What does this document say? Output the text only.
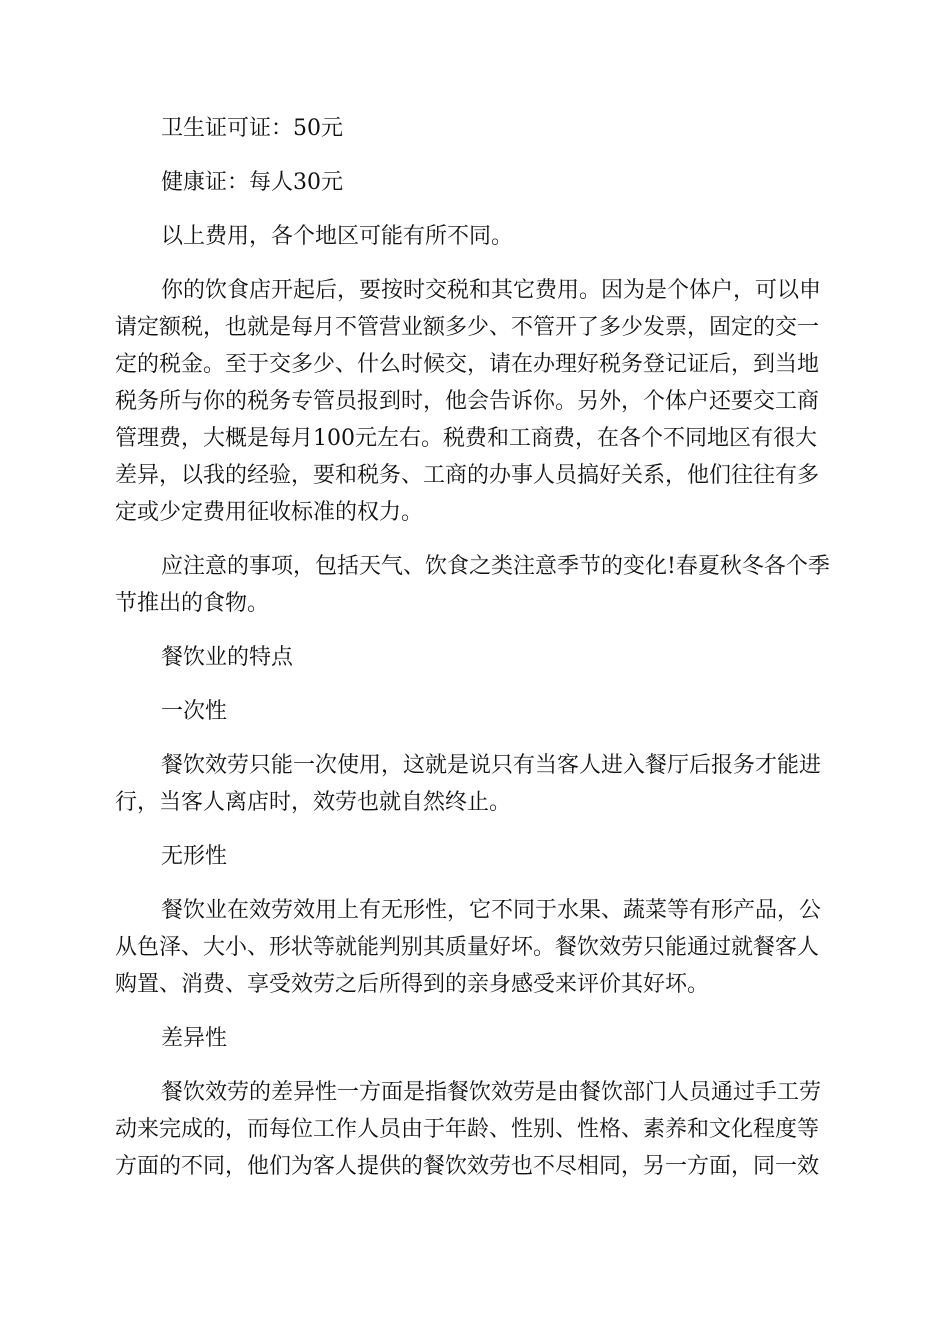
卫生证可证：50元

健康证：每人30元

以上费用，各个地区可能有所不同。

你的饮食店开起后，要按时交税和其它费用。因为是个体户，可以申请定额税，也就是每月不管营业额多少、不管开了多少发票，固定的交一定的税金。至于交多少、什么时候交，请在办理好税务登记证后，到当地税务所与你的税务专管员报到时，他会告诉你。另外，个体户还要交工商管理费，大概是每月100元左右。税费和工商费，在各个不同地区有很大差异，以我的经验，要和税务、工商的办事人员搞好关系，他们往往有多定或少定费用征收标准的权力。

应注意的事项，包括天气、饮食之类注意季节的变化!春夏秋冬各个季节推出的食物。

餐饮业的特点

一次性

餐饮效劳只能一次使用，这就是说只有当客人进入餐厅后报务才能进行，当客人离店时，效劳也就自然终止。

无形性

餐饮业在效劳效用上有无形性，它不同于水果、蔬菜等有形产品，公从色泽、大小、形状等就能判别其质量好坏。餐饮效劳只能通过就餐客人购置、消费、享受效劳之后所得到的亲身感受来评价其好坏。

差异性

餐饮效劳的差异性一方面是指餐饮效劳是由餐饮部门人员通过手工劳动来完成的，而每位工作人员由于年龄、性别、性格、素养和文化程度等方面的不同，他们为客人提供的餐饮效劳也不尽相同，另一方面，同一效
